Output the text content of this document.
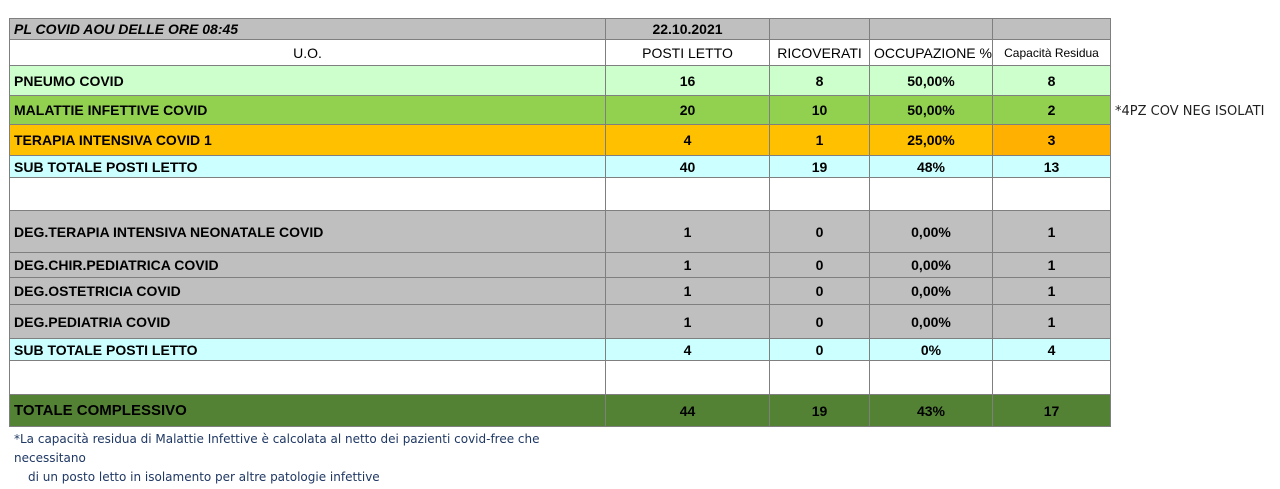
PL COVID AOU DELLE ORE 08:45	22.10.2021			
U.O.	POSTI LETTO	RICOVERATI	OCCUPAZIONE %	Capacità Residua
PNEUMO COVID	16	8	50,00%	8
MALATTIE INFETTIVE COVID	20	10	50,00%	2
TERAPIA INTENSIVA COVID 1	4	1	25,00%	3
SUB TOTALE POSTI LETTO	40	19	48%	13

DEG.TERAPIA INTENSIVA NEONATALE COVID	1	0	0,00%	1
DEG.CHIR.PEDIATRICA COVID	1	0	0,00%	1
DEG.OSTETRICIA COVID	1	0	0,00%	1
DEG.PEDIATRIA COVID	1	0	0,00%	1
SUB TOTALE POSTI LETTO	4	0	0%	4

TOTALE COMPLESSIVO	44	19	43%	17
*4PZ COV NEG ISOLATI
*La capacità residua di Malattie Infettive è calcolata al netto dei pazienti covid-free che
necessitano
di un posto letto in isolamento per altre patologie infettive
